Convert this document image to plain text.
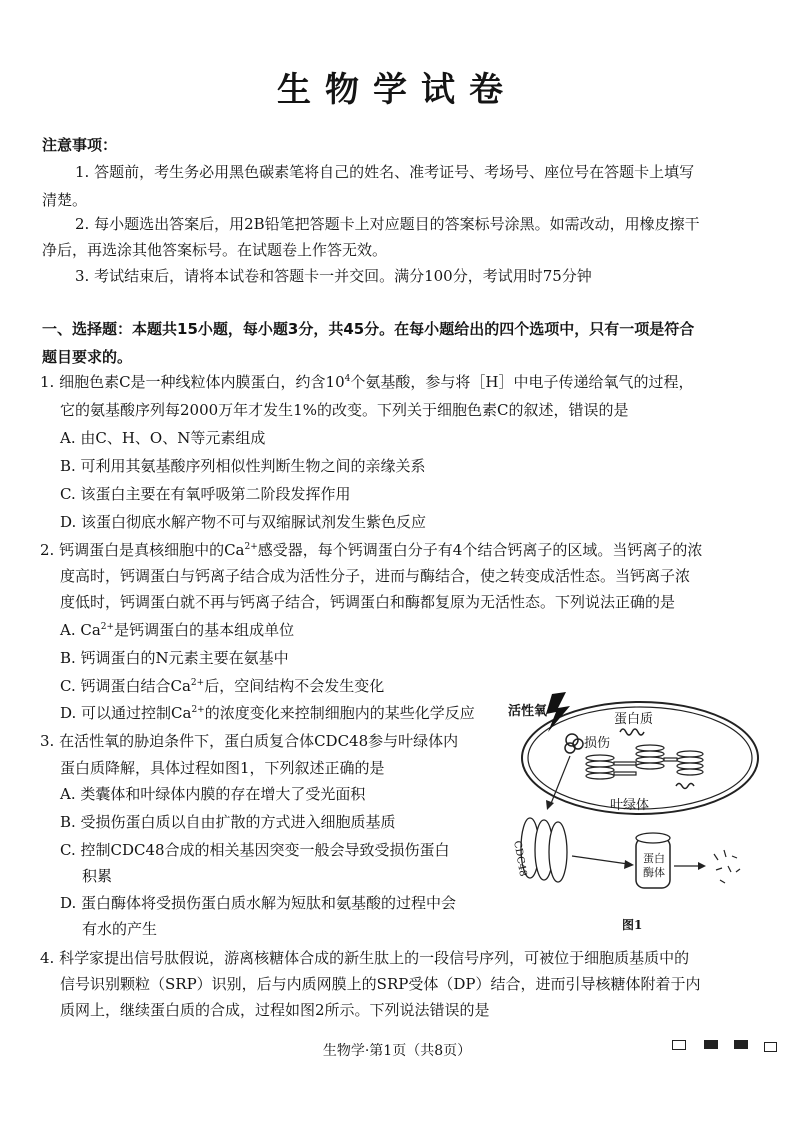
生物学试卷
注意事项：
1. 答题前，考生务必用黑色碳素笔将自己的姓名、准考证号、考场号、座位号在答题卡上填写
清楚。
2. 每小题选出答案后，用2B铅笔把答题卡上对应题目的答案标号涂黑。如需改动，用橡皮擦干
净后，再选涂其他答案标号。在试题卷上作答无效。
3. 考试结束后，请将本试卷和答题卡一并交回。满分100分，考试用时75分钟
一、选择题：本题共15小题，每小题3分，共45分。在每小题给出的四个选项中，只有一项是符合
题目要求的。
1. 细胞色素C是一种线粒体内膜蛋白，约含$10^4$个氨基酸，参与将［H］中电子传递给氧气的过程，
它的氨基酸序列每2000万年才发生1%的改变。下列关于细胞色素C的叙述，错误的是
A. 由C、H、O、N等元素组成
B. 可利用其氨基酸序列相似性判断生物之间的亲缘关系
C. 该蛋白主要在有氧呼吸第二阶段发挥作用
D. 该蛋白彻底水解产物不可与双缩脲试剂发生紫色反应
2. 钙调蛋白是真核细胞中的$Ca^{2+}$感受器，每个钙调蛋白分子有4个结合钙离子的区域。当钙离子的浓
度高时，钙调蛋白与钙离子结合成为活性分子，进而与酶结合，使之转变成活性态。当钙离子浓
度低时，钙调蛋白就不再与钙离子结合，钙调蛋白和酶都复原为无活性态。下列说法正确的是
A. $Ca^{2+}$是钙调蛋白的基本组成单位
B. 钙调蛋白的N元素主要在氨基中
C. 钙调蛋白结合$Ca^{2+}$后，空间结构不会发生变化
D. 可以通过控制$Ca^{2+}$的浓度变化来控制细胞内的某些化学反应
3. 在活性氧的胁迫条件下，蛋白质复合体CDC48参与叶绿体内
蛋白质降解，具体过程如图1，下列叙述正确的是
A. 类囊体和叶绿体内膜的存在增大了受光面积
B. 受损伤蛋白质以自由扩散的方式进入细胞质基质
C. 控制CDC48合成的相关基因突变一般会导致受损伤蛋白
积累
D. 蛋白酶体将受损伤蛋白质水解为短肽和氨基酸的过程中会
有水的产生
活性氧
蛋白质
损伤
叶绿体
CDC48	蛋白
酶体
图1
4. 科学家提出信号肽假说，游离核糖体合成的新生肽上的一段信号序列，可被位于细胞质基质中的
信号识别颗粒（SRP）识别，后与内质网膜上的SRP受体（DP）结合，进而引导核糖体附着于内
质网上，继续蛋白质的合成，过程如图2所示。下列说法错误的是
生物学·第1页（共8页）
